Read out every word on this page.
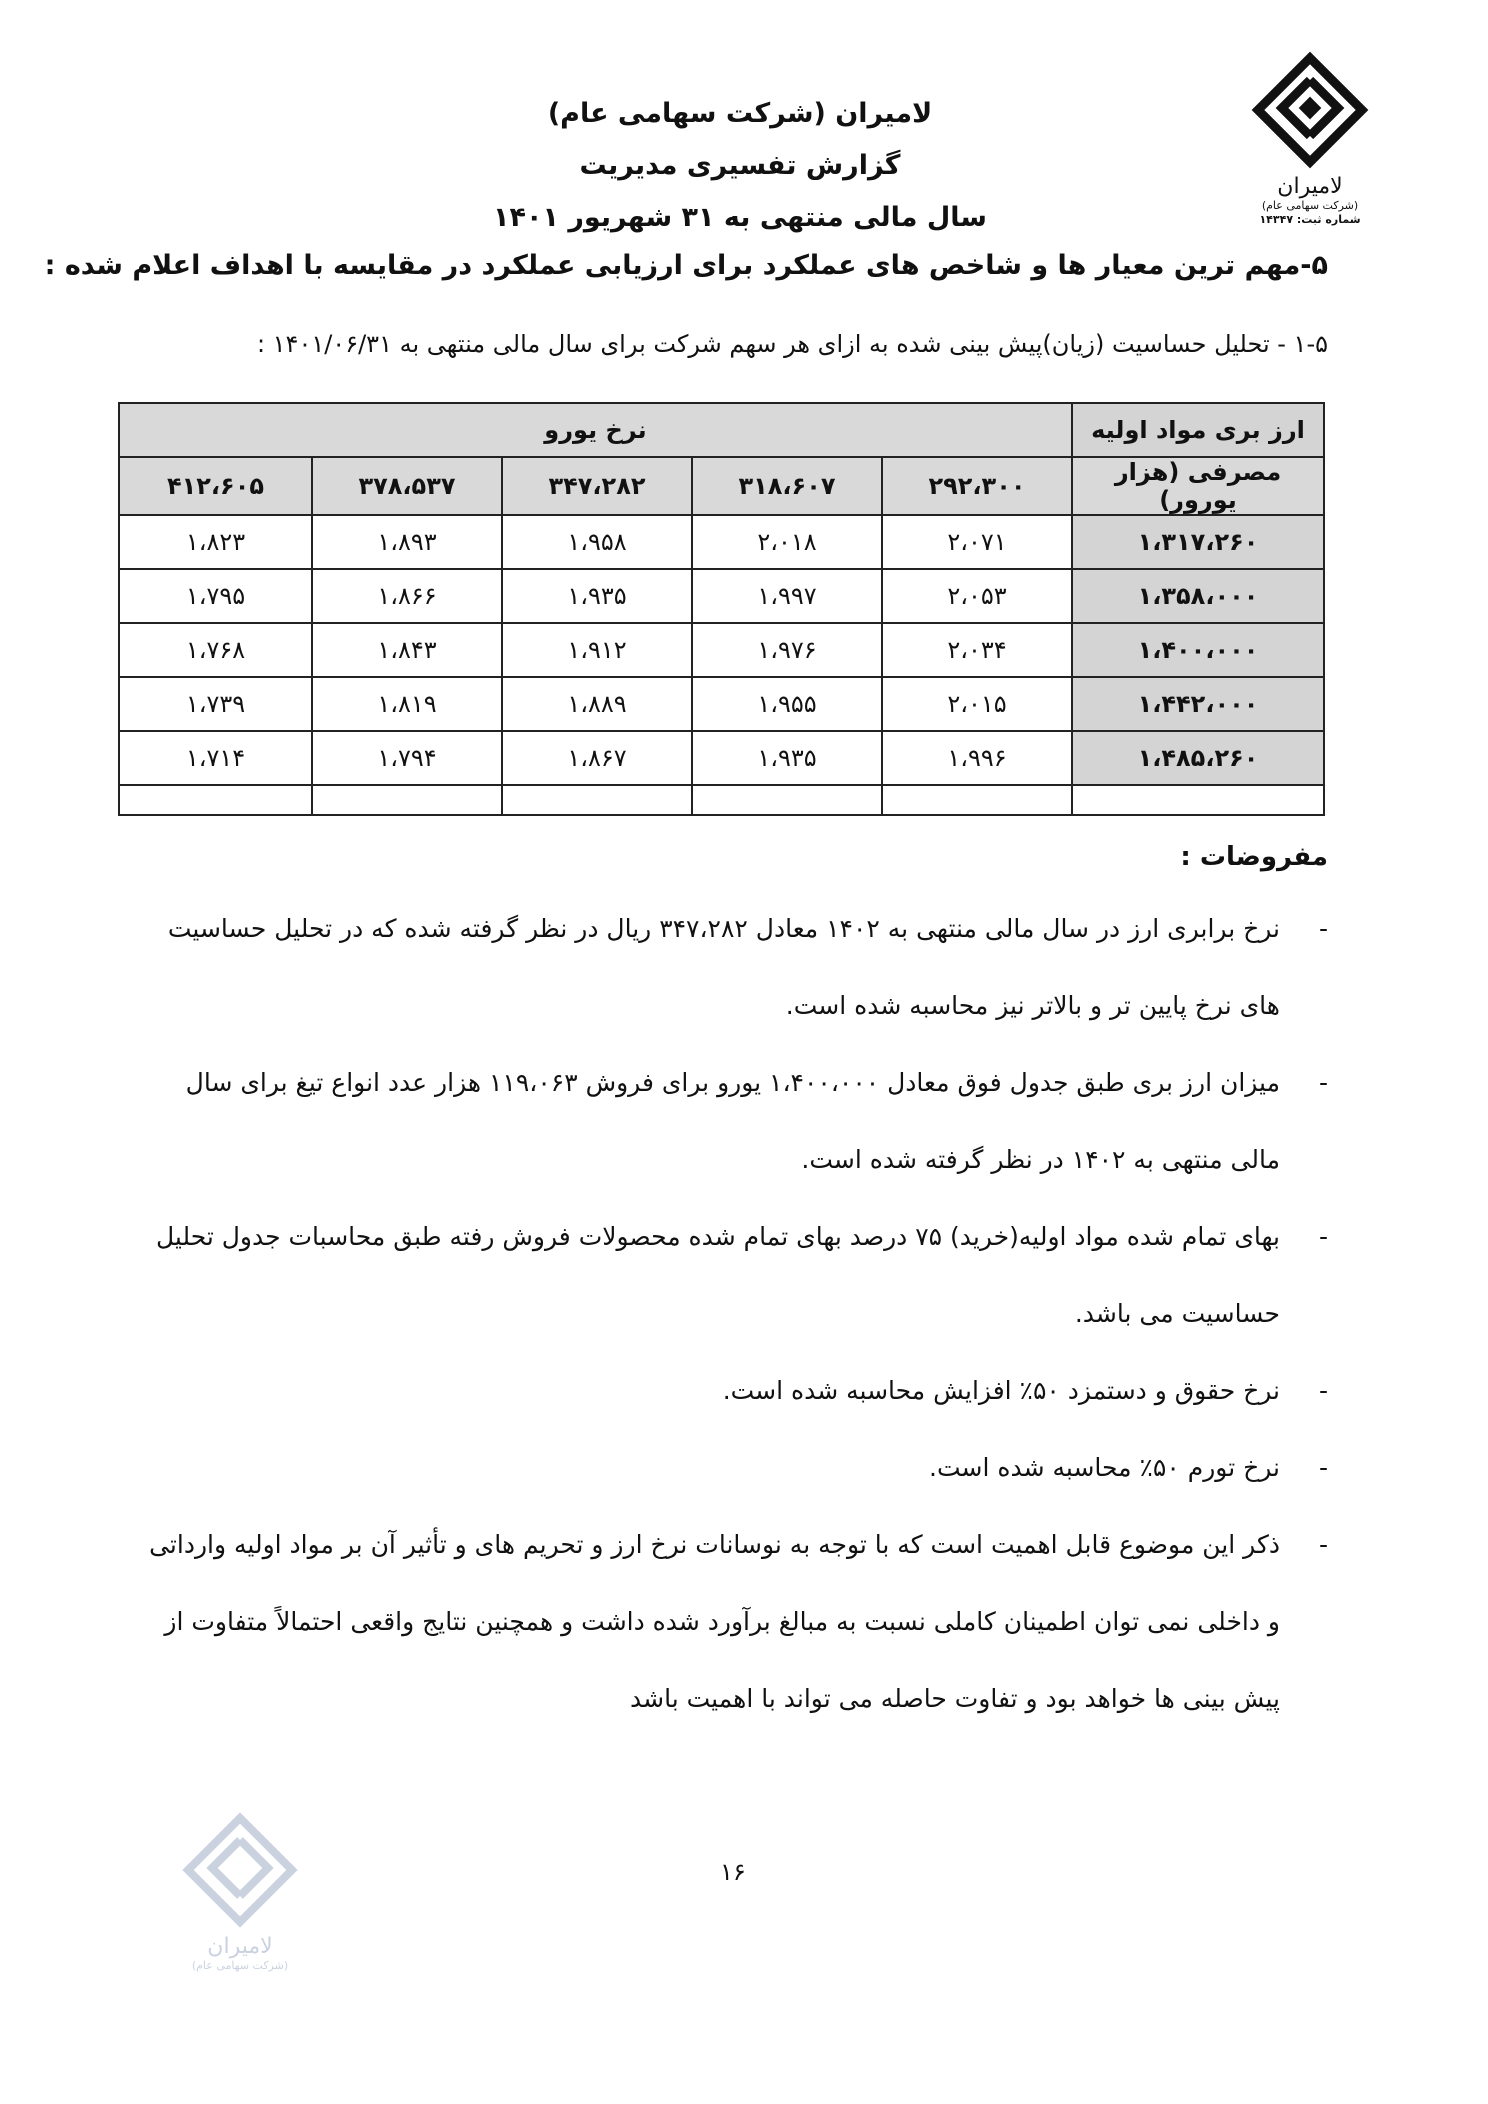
لامیران
(شرکت سهامی عام)
شماره ثبت: ۱۴۳۴۷
لامیران (شرکت سهامی عام)
گزارش تفسیری مدیریت
سال مالی منتهی به ۳۱ شهریور ۱۴۰۱
۵-مهم ترین معیار ها و شاخص های عملکرد برای ارزیابی عملکرد در مقایسه با اهداف اعلام شده :
۱-۵ - تحلیل حساسیت (زیان)پیش بینی شده به ازای هر سهم شرکت برای سال مالی منتهی به ۱۴۰۱/۰۶/۳۱ :
ارز بری مواد اولیه	نرخ یورو				
مصرفی (هزار یورور)	۲۹۲،۳۰۰	۳۱۸،۶۰۷	۳۴۷،۲۸۲	۳۷۸،۵۳۷	۴۱۲،۶۰۵
۱،۳۱۷،۲۶۰	۲،۰۷۱	۲،۰۱۸	۱،۹۵۸	۱،۸۹۳	۱،۸۲۳
۱،۳۵۸،۰۰۰	۲،۰۵۳	۱،۹۹۷	۱،۹۳۵	۱،۸۶۶	۱،۷۹۵
۱،۴۰۰،۰۰۰	۲،۰۳۴	۱،۹۷۶	۱،۹۱۲	۱،۸۴۳	۱،۷۶۸
۱،۴۴۲،۰۰۰	۲،۰۱۵	۱،۹۵۵	۱،۸۸۹	۱،۸۱۹	۱،۷۳۹
۱،۴۸۵،۲۶۰	۱،۹۹۶	۱،۹۳۵	۱،۸۶۷	۱،۷۹۴	۱،۷۱۴

مفروضات :
-
نرخ برابری ارز در سال مالی منتهی به ۱۴۰۲ معادل ۳۴۷،۲۸۲ ریال در نظر گرفته شده که در تحلیل حساسیت های نرخ پایین تر و بالاتر نیز محاسبه شده است.
-
میزان ارز بری طبق جدول فوق معادل ۱،۴۰۰،۰۰۰ یورو برای فروش ۱۱۹،۰۶۳ هزار عدد انواع تیغ برای سال مالی منتهی به ۱۴۰۲ در نظر گرفته شده است.
-
بهای تمام شده مواد اولیه(خرید) ۷۵ درصد بهای تمام شده محصولات فروش رفته طبق محاسبات جدول تحلیل حساسیت می باشد.
-
نرخ حقوق و دستمزد ۵۰٪ افزایش محاسبه شده است.
-
نرخ تورم ۵۰٪ محاسبه شده است.
-
ذکر این موضوع قابل اهمیت است که با توجه به نوسانات نرخ ارز و تحریم های و تأثیر آن بر مواد اولیه وارداتی و داخلی نمی توان اطمینان کاملی نسبت به مبالغ برآورد شده داشت و همچنین نتایج واقعی احتمالاً متفاوت از پیش بینی ها خواهد بود و تفاوت حاصله می تواند با اهمیت باشد
لامیران
(شرکت سهامی عام)
۱۶
